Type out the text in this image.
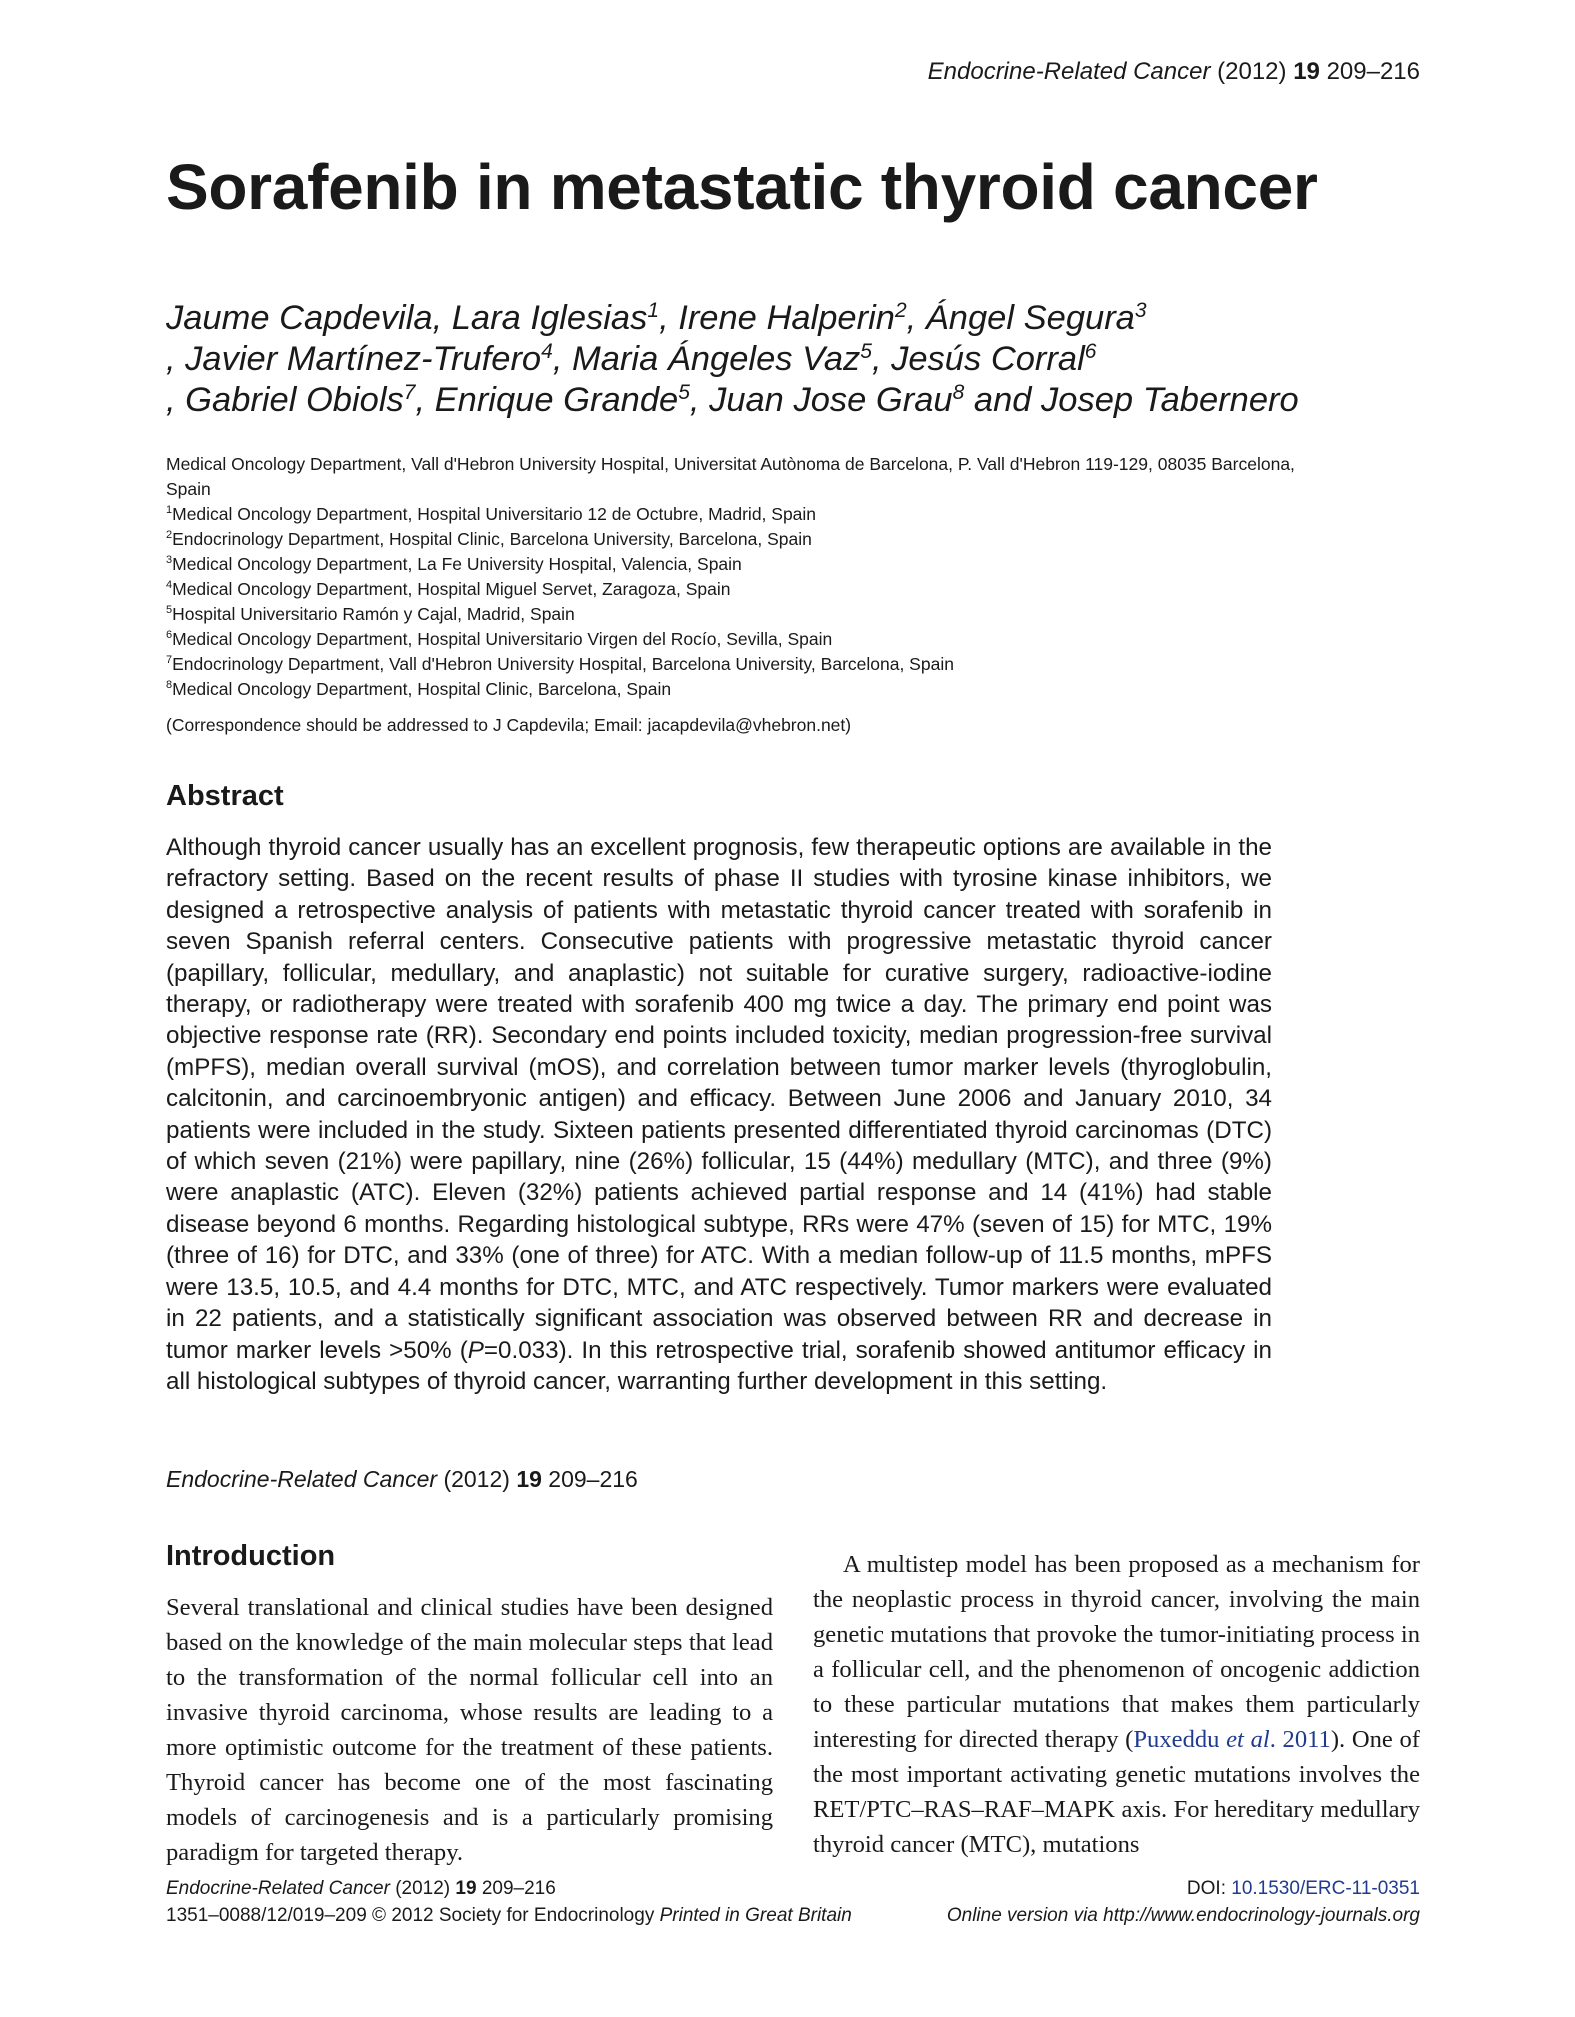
Endocrine-Related Cancer (2012) 19 209–216
Sorafenib in metastatic thyroid cancer
Jaume Capdevila, Lara Iglesias$^1$, Irene Halperin$^2$, Ángel Segura$^3$
, Javier Martínez-Trufero$^4$, Maria Ángeles Vaz$^5$, Jesús Corral$^6$
, Gabriel Obiols$^7$, Enrique Grande$^5$, Juan Jose Grau$^8$ and Josep Tabernero
Medical Oncology Department, Vall d'Hebron University Hospital, Universitat Autònoma de Barcelona, P. Vall d'Hebron 119-129, 08035 Barcelona, Spain
$^1$Medical Oncology Department, Hospital Universitario 12 de Octubre, Madrid, Spain
$^2$Endocrinology Department, Hospital Clinic, Barcelona University, Barcelona, Spain
$^3$Medical Oncology Department, La Fe University Hospital, Valencia, Spain
$^4$Medical Oncology Department, Hospital Miguel Servet, Zaragoza, Spain
$^5$Hospital Universitario Ramón y Cajal, Madrid, Spain
$^6$Medical Oncology Department, Hospital Universitario Virgen del Rocío, Sevilla, Spain
$^7$Endocrinology Department, Vall d'Hebron University Hospital, Barcelona University, Barcelona, Spain
$^8$Medical Oncology Department, Hospital Clinic, Barcelona, Spain
(Correspondence should be addressed to J Capdevila; Email: jacapdevila@vhebron.net)
Abstract

Although thyroid cancer usually has an excellent prognosis, few therapeutic options are available in the refractory setting. Based on the recent results of phase II studies with tyrosine kinase inhibitors, we designed a retrospective analysis of patients with metastatic thyroid cancer treated with sorafenib in seven Spanish referral centers. Consecutive patients with progressive metastatic thyroid cancer (papillary, follicular, medullary, and anaplastic) not suitable for curative surgery, radioactive-iodine therapy, or radiotherapy were treated with sorafenib 400 mg twice a day. The primary end point was objective response rate (RR). Secondary end points included toxicity, median progression-free survival (mPFS), median overall survival (mOS), and correlation between tumor marker levels (thyroglobulin, calcitonin, and carcinoembryonic antigen) and efficacy. Between June 2006 and January 2010, 34 patients were included in the study. Sixteen patients presented differentiated thyroid carcinomas (DTC) of which seven (21%) were papillary, nine (26%) follicular, 15 (44%) medullary (MTC), and three (9%) were anaplastic (ATC). Eleven (32%) patients achieved partial response and 14 (41%) had stable disease beyond 6 months. Regarding histological subtype, RRs were 47% (seven of 15) for MTC, 19% (three of 16) for DTC, and 33% (one of three) for ATC. With a median follow-up of 11.5 months, mPFS were 13.5, 10.5, and 4.4 months for DTC, MTC, and ATC respectively. Tumor markers were evaluated in 22 patients, and a statistically significant association was observed between RR and decrease in tumor marker levels >50% (P=0.033). In this retrospective trial, sorafenib showed antitumor efficacy in all histological subtypes of thyroid cancer, warranting further development in this setting.

Endocrine-Related Cancer (2012) 19 209–216
Introduction

Several translational and clinical studies have been designed based on the knowledge of the main molecular steps that lead to the transformation of the normal follicular cell into an invasive thyroid carcinoma, whose results are leading to a more optimistic outcome for the treatment of these patients. Thyroid cancer has become one of the most fascinating models of carcinogenesis and is a particularly promising paradigm for targeted therapy.

A multistep model has been proposed as a mechanism for the neoplastic process in thyroid cancer, involving the main genetic mutations that provoke the tumor-initiating process in a follicular cell, and the phenomenon of oncogenic addiction to these particular mutations that makes them particularly interesting for directed therapy (Puxeddu et al. 2011). One of the most important activating genetic mutations involves the RET/PTC–RAS–RAF–MAPK axis. For hereditary medullary thyroid cancer (MTC), mutations

Endocrine-Related Cancer (2012) 19 209–216
1351–0088/12/019–209 © 2012 Society for Endocrinology Printed in Great Britain
DOI: 10.1530/ERC-11-0351
Online version via http://www.endocrinology-journals.org
